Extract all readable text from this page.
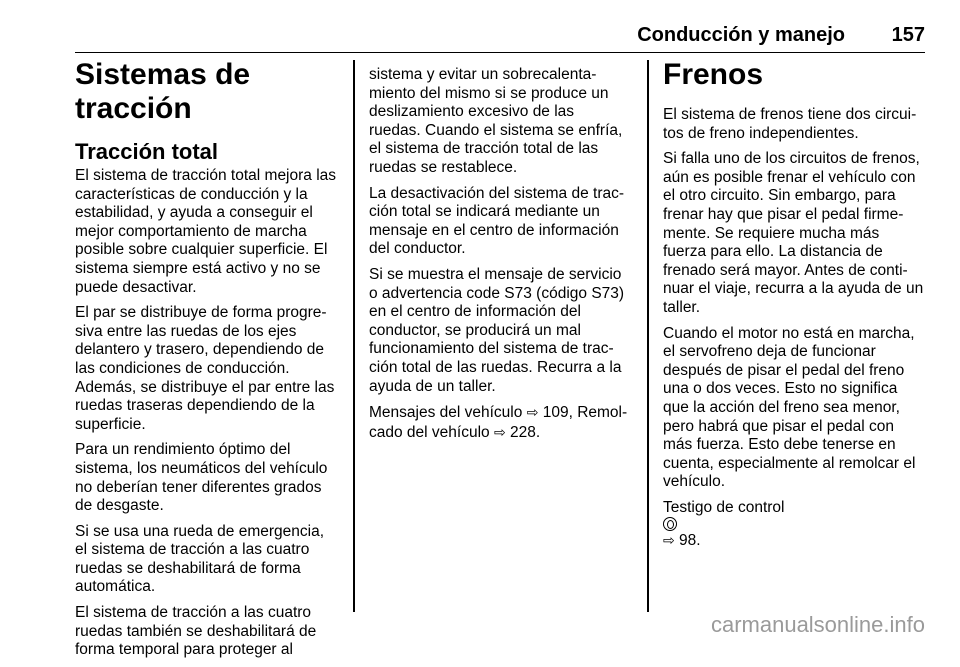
Conducción y manejo 157
Sistemas de tracción
Tracción total

El sistema de tracción total mejora las
características de conducción y la
estabilidad, y ayuda a conseguir el
mejor comportamiento de marcha
posible sobre cualquier superficie. El
sistema siempre está activo y no se
puede desactivar.

El par se distribuye de forma progre‐
siva entre las ruedas de los ejes
delantero y trasero, dependiendo de
las condiciones de conducción.
Además, se distribuye el par entre las
ruedas traseras dependiendo de la
superficie.

Para un rendimiento óptimo del
sistema, los neumáticos del vehículo
no deberían tener diferentes grados
de desgaste.

Si se usa una rueda de emergencia,
el sistema de tracción a las cuatro
ruedas se deshabilitará de forma
automática.

El sistema de tracción a las cuatro
ruedas también se deshabilitará de
forma temporal para proteger al

sistema y evitar un sobrecalenta‐
miento del mismo si se produce un
deslizamiento excesivo de las
ruedas. Cuando el sistema se enfría,
el sistema de tracción total de las
ruedas se restablece.

La desactivación del sistema de trac‐
ción total se indicará mediante un
mensaje en el centro de información
del conductor.

Si se muestra el mensaje de servicio
o advertencia code S73 (código S73)
en el centro de información del
conductor, se producirá un mal
funcionamiento del sistema de trac‐
ción total de las ruedas. Recurra a la
ayuda de un taller.

Mensajes del vehículo ⇨ 109, Remol‐
cado del vehículo ⇨ 228.

Frenos

El sistema de frenos tiene dos circui‐
tos de freno independientes.

Si falla uno de los circuitos de frenos,
aún es posible frenar el vehículo con
el otro circuito. Sin embargo, para
frenar hay que pisar el pedal firme‐
mente. Se requiere mucha más
fuerza para ello. La distancia de
frenado será mayor. Antes de conti‐
nuar el viaje, recurra a la ayuda de un
taller.

Cuando el motor no está en marcha,
el servofreno deja de funcionar
después de pisar el pedal del freno
una o dos veces. Esto no significa
que la acción del freno sea menor,
pero habrá que pisar el pedal con
más fuerza. Esto debe tenerse en
cuenta, especialmente al remolcar el
vehículo.

Testigo de control
⇨ 98.

carmanualsonline.info
